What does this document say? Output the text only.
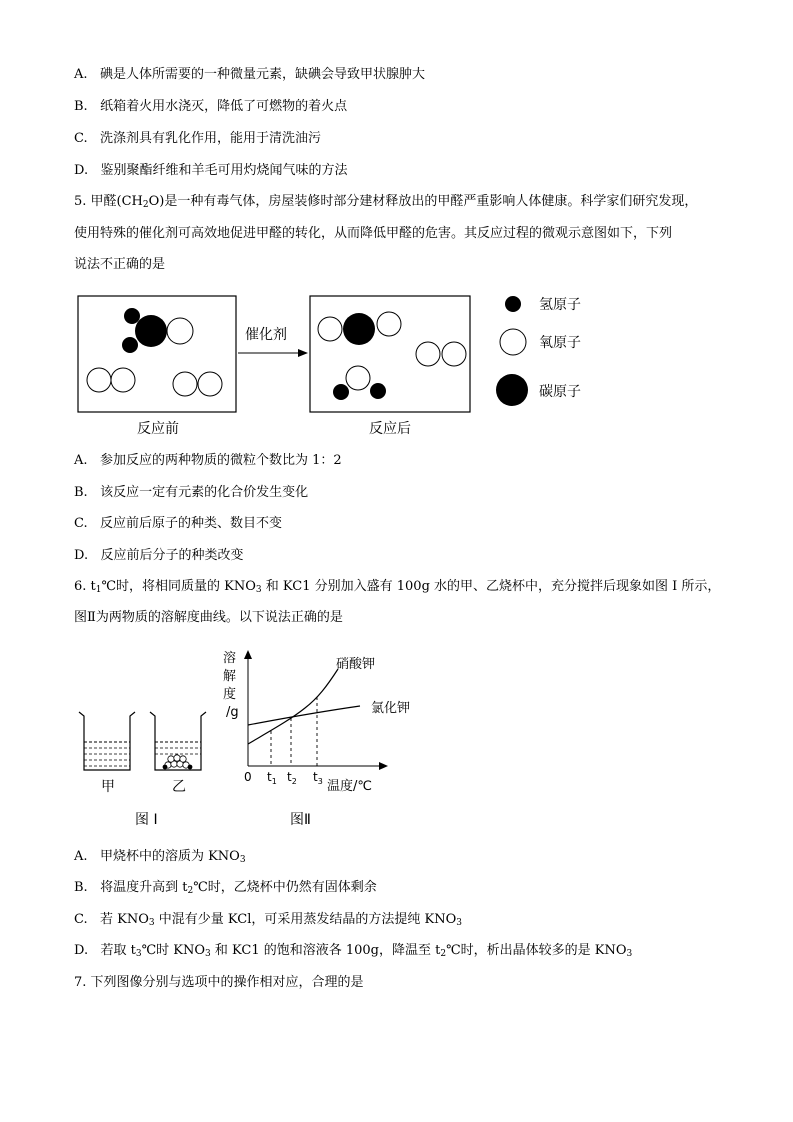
A. 碘是人体所需要的一种微量元素，缺碘会导致甲状腺肿大
B. 纸箱着火用水浇灭，降低了可燃物的着火点
C. 洗涤剂具有乳化作用，能用于清洗油污
D. 鉴别聚酯纤维和羊毛可用灼烧闻气味的方法
5. 甲醛$(CH_2O)$是一种有毒气体，房屋装修时部分建材释放出的甲醛严重影响人体健康。科学家们研究发现，
使用特殊的催化剂可高效地促进甲醛的转化，从而降低甲醛的危害。其反应过程的微观示意图如下，下列
说法不正确的是
催化剂
氢原子
氧原子
碳原子
反应前	反应后
A. 参加反应的两种物质的微粒个数比为 1：2
B. 该反应一定有元素的化合价发生变化
C. 反应前后原子的种类、数目不变
D. 反应前后分子的种类改变
6. $t_1℃$时，将相同质量的 $KNO_3$ 和 KC1 分别加入盛有 100g 水的甲、乙烧杯中，充分搅拌后现象如图 I 所示，
图Ⅱ为两物质的溶解度曲线。以下说法正确的是
甲	乙
图 I
溶
解
度
/g
0 $t_1$ $t_2$ $t_3$ 温度/℃
硝酸钾
氯化钾
图Ⅱ
A. 甲烧杯中的溶质为 $KNO_3$
B. 将温度升高到 $t_2℃$时，乙烧杯中仍然有固体剩余
C. 若 $KNO_3$ 中混有少量 KCl，可采用蒸发结晶的方法提纯 $KNO_3$
D. 若取 $t_3℃$时 $KNO_3$ 和 KC1 的饱和溶液各 100g，降温至 $t_2℃$时，析出晶体较多的是 $KNO_3$
7. 下列图像分别与选项中的操作相对应，合理的是
